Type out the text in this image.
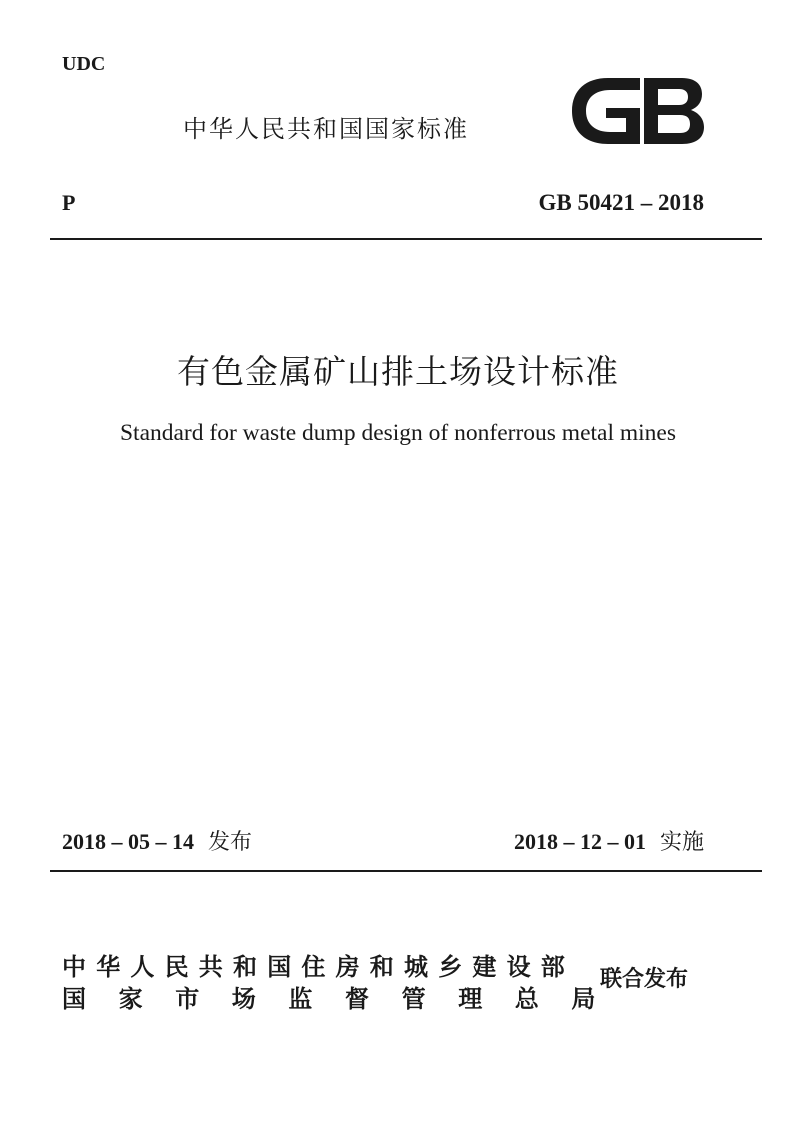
UDC
中华人民共和国国家标准
P	GB 50421 – 2018
有色金属矿山排土场设计标准
Standard for waste dump design of nonferrous metal mines
2018 – 05 – 14 发布	2018 – 12 – 01 实施
中华人民共和国住房和城乡建设部
国家市场监督管理总局
联合发布
